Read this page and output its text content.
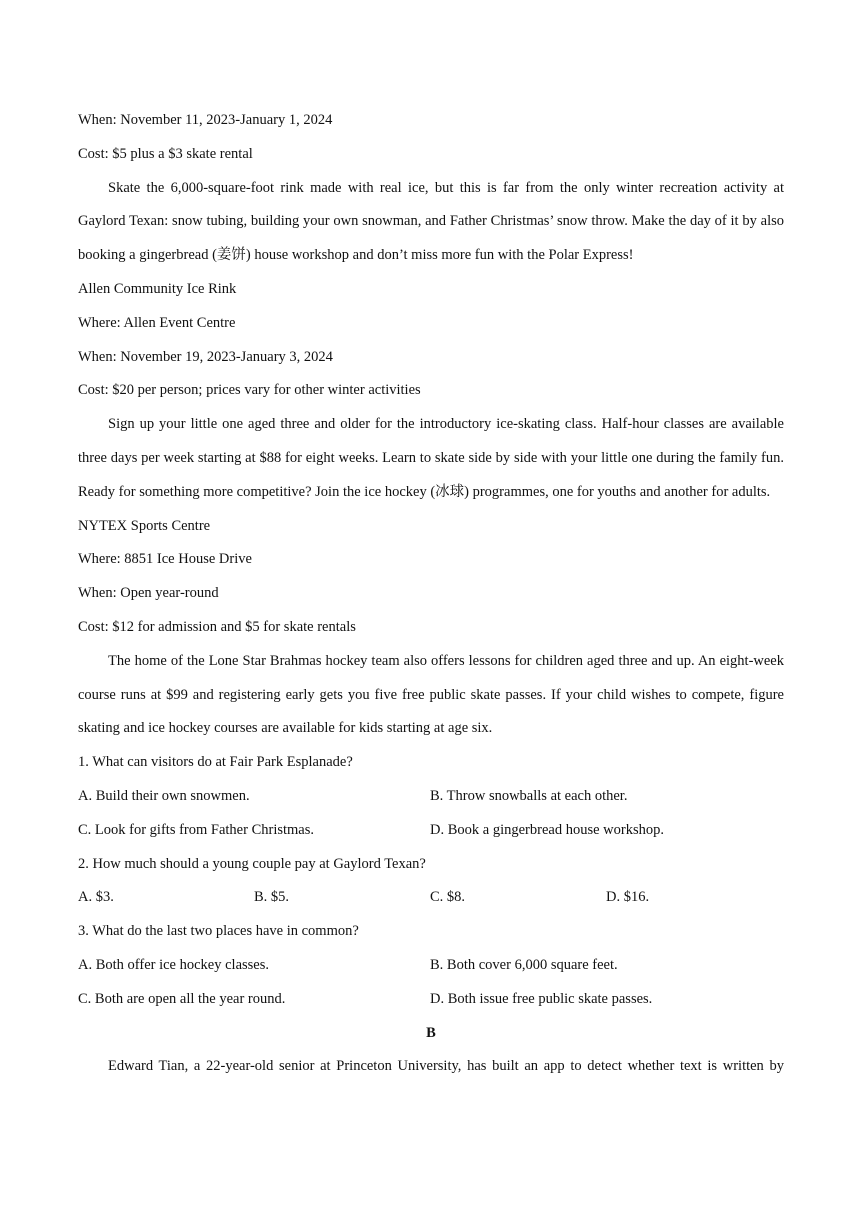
When: November 11, 2023-January 1, 2024
Cost: $5 plus a $3 skate rental
Skate the 6,000-square-foot rink made with real ice, but this is far from the only winter recreation activity at Gaylord Texan: snow tubing, building your own snowman, and Father Christmas’ snow throw. Make the day of it by also booking a gingerbread (姜饼) house workshop and don’t miss more fun with the Polar Express!
Allen Community Ice Rink
Where: Allen Event Centre
When: November 19, 2023-January 3, 2024
Cost: $20 per person; prices vary for other winter activities
Sign up your little one aged three and older for the introductory ice-skating class. Half-hour classes are available three days per week starting at $88 for eight weeks. Learn to skate side by side with your little one during the family fun. Ready for something more competitive? Join the ice hockey (冰球) programmes, one for youths and another for adults.
NYTEX Sports Centre
Where: 8851 Ice House Drive
When: Open year-round
Cost: $12 for admission and $5 for skate rentals
The home of the Lone Star Brahmas hockey team also offers lessons for children aged three and up. An eight-week course runs at $99 and registering early gets you five free public skate passes. If your child wishes to compete, figure skating and ice hockey courses are available for kids starting at age six.
1. What can visitors do at Fair Park Esplanade?
A. Build their own snowmen.	B. Throw snowballs at each other.
C. Look for gifts from Father Christmas.	D. Book a gingerbread house workshop.
2. How much should a young couple pay at Gaylord Texan?
A. $3.	B. $5.	C. $8.	D. $16.
3. What do the last two places have in common?
A. Both offer ice hockey classes.	B. Both cover 6,000 square feet.
C. Both are open all the year round.	D. Both issue free public skate passes.
B
Edward Tian, a 22-year-old senior at Princeton University, has built an app to detect whether text is written by
